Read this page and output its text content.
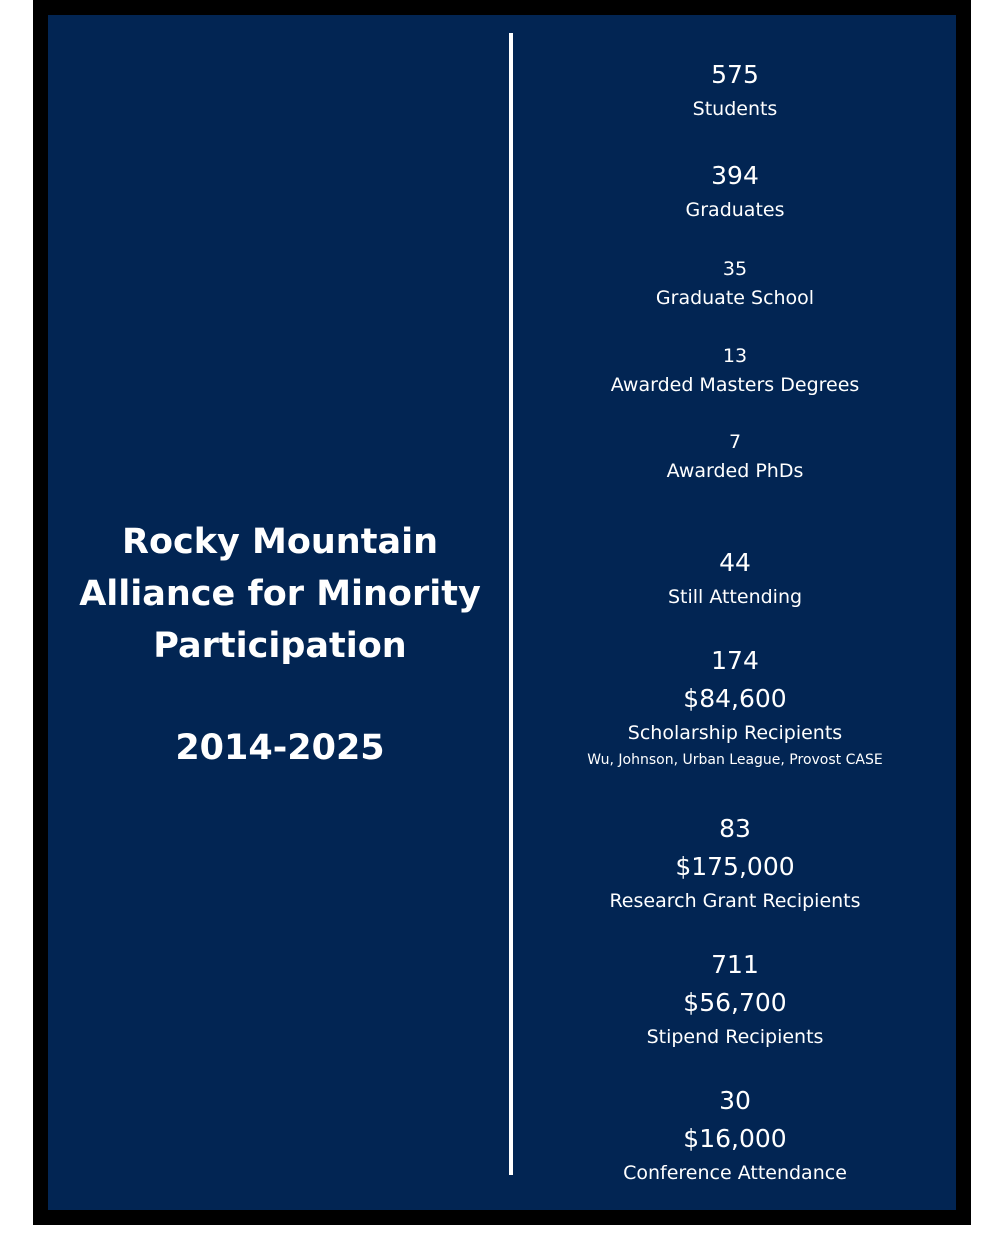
Rocky Mountain Alliance for Minority Participation
2014-2025
575
Students
394
Graduates
35
Graduate School
13
Awarded Masters Degrees
7
Awarded PhDs
44
Still Attending
174
$84,600
Scholarship Recipients
Wu, Johnson, Urban League, Provost CASE
83
$175,000
Research Grant Recipients
711
$56,700
Stipend Recipients
30
$16,000
Conference Attendance
